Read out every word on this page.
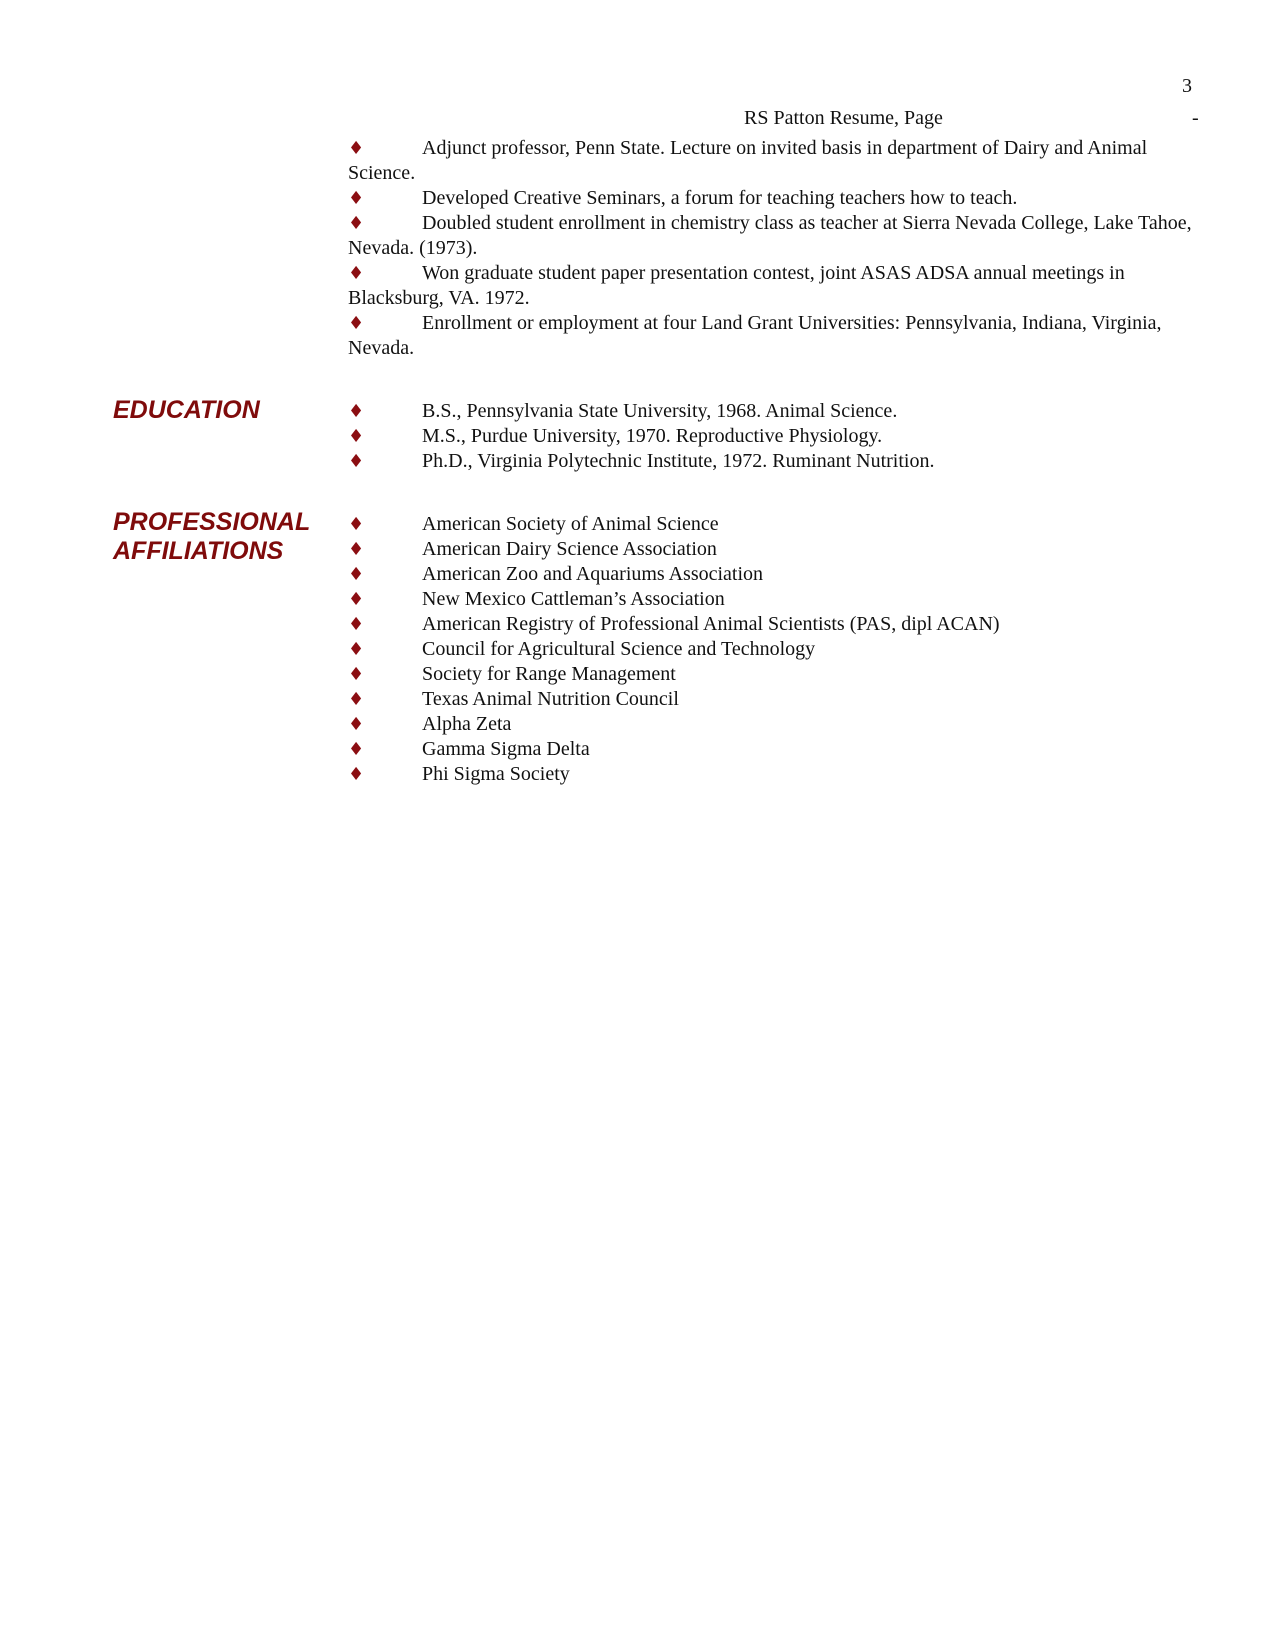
3
RS Patton Resume, Page	-
♦	Adjunct professor, Penn State. Lecture on invited basis in department of Dairy and Animal Science.
♦	Developed Creative Seminars, a forum for teaching teachers how to teach.
♦	Doubled student enrollment in chemistry class as teacher at Sierra Nevada College, Lake Tahoe, Nevada. (1973).
♦	Won graduate student paper presentation contest, joint ASAS ADSA annual meetings in Blacksburg, VA. 1972.
♦	Enrollment or employment at four Land Grant Universities: Pennsylvania, Indiana, Virginia, Nevada.
EDUCATION	♦	B.S., Pennsylvania State University, 1968. Animal Science.
♦	M.S., Purdue University, 1970. Reproductive Physiology.
♦	Ph.D., Virginia Polytechnic Institute, 1972. Ruminant Nutrition.
PROFESSIONAL
AFFILIATIONS
♦	American Society of Animal Science
♦	American Dairy Science Association
♦	American Zoo and Aquariums Association
♦	New Mexico Cattleman’s Association
♦	American Registry of Professional Animal Scientists (PAS, dipl ACAN)
♦	Council for Agricultural Science and Technology
♦	Society for Range Management
♦	Texas Animal Nutrition Council
♦	Alpha Zeta
♦	Gamma Sigma Delta
♦	Phi Sigma Society
